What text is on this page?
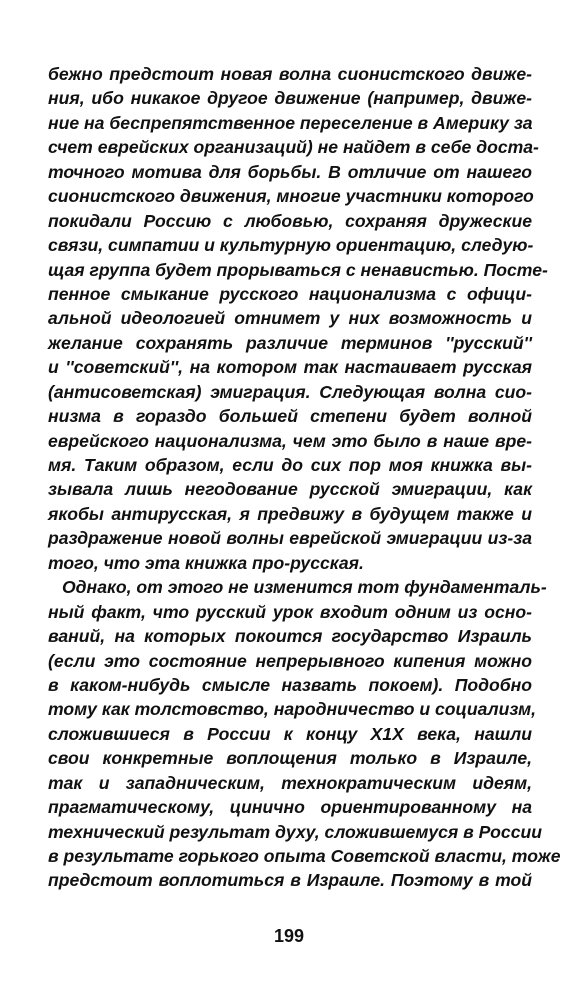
бежно предстоит новая волна сионистского движе-
ния, ибо никакое другое движение (например, движе-
ние на беспрепятственное переселение в Америку за
счет еврейских организаций) не найдет в себе доста-
точного мотива для борьбы. В отличие от нашего
сионистского движения, многие участники которого
покидали Россию с любовью, сохраняя дружеские
связи, симпатии и культурную ориентацию, следую-
щая группа будет прорываться с ненавистью. Посте-
пенное смыкание русского национализма с офици-
альной идеологией отнимет у них возможность и
желание сохранять различие терминов ''русский''
и ''советский'', на котором так настаивает русская
(антисоветская) эмиграция. Следующая волна сио-
низма в гораздо большей степени будет волной
еврейского национализма, чем это было в наше вре-
мя. Таким образом, если до сих пор моя книжка вы-
зывала лишь негодование русской эмиграции, как
якобы антирусская, я предвижу в будущем также и
раздражение новой волны еврейской эмиграции из-за
того, что эта книжка про-русская.
Однако, от этого не изменится тот фундаменталь-
ный факт, что русский урок входит одним из осно-
ваний, на которых покоится государство Израиль
(если это состояние непрерывного кипения можно
в каком-нибудь смысле назвать покоем). Подобно
тому как толстовство, народничество и социализм,
сложившиеся в России к концу Х1Х века, нашли
свои конкретные воплощения только в Израиле,
так и западническим, технократическим идеям,
прагматическому, цинично ориентированному на
технический результат духу, сложившемуся в России
в результате горького опыта Советской власти, тоже
предстоит воплотиться в Израиле. Поэтому в той
199
